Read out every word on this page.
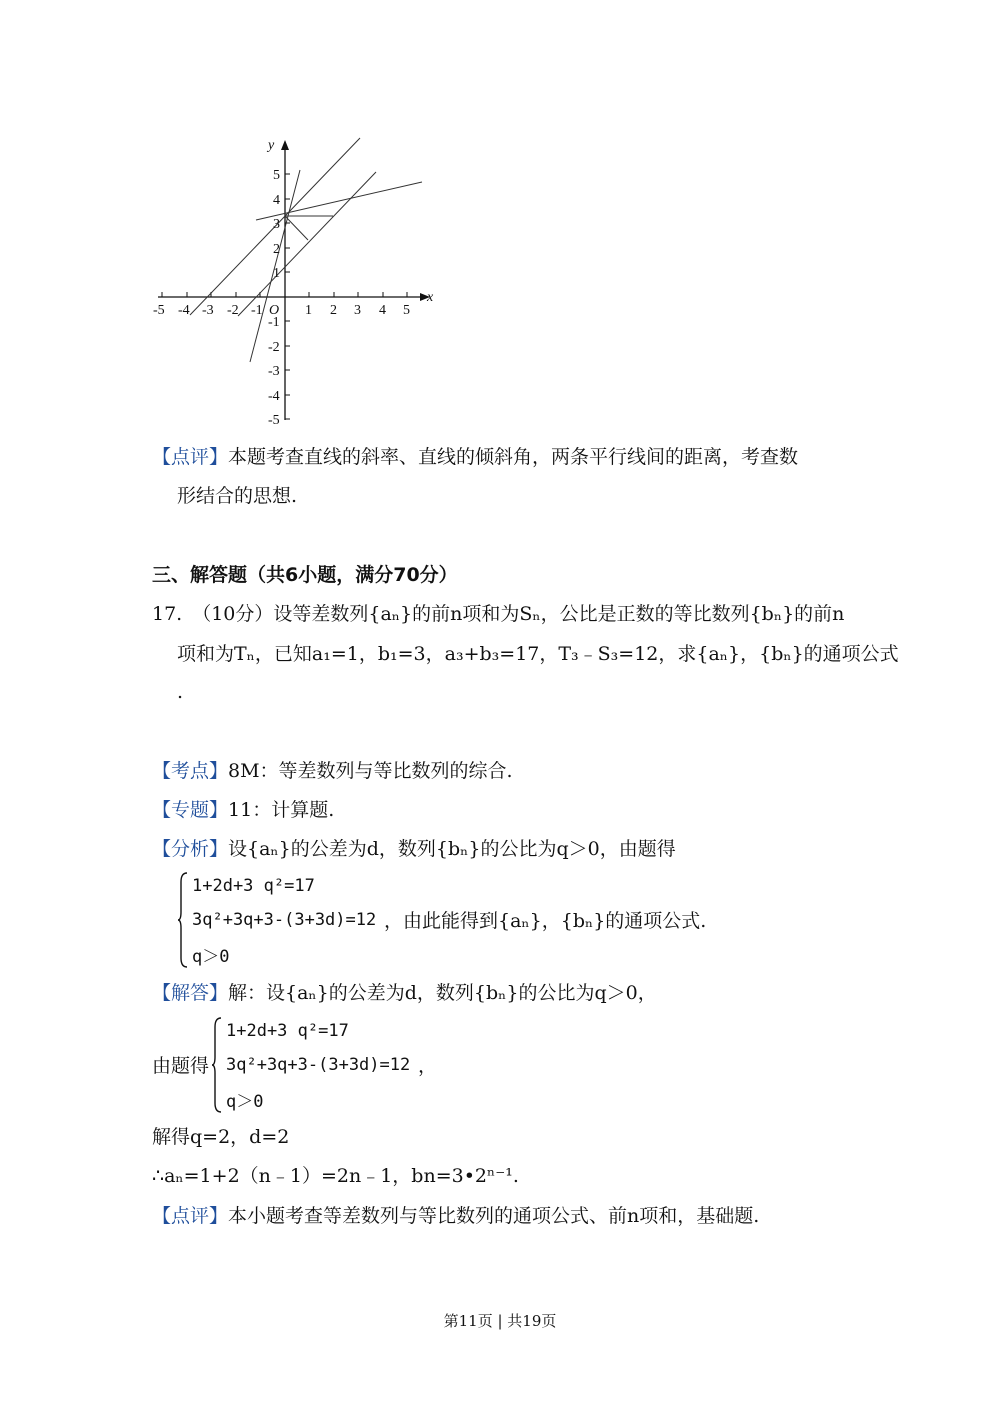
x
y
O
-5 -4 -3 -2 -1	1 2 3 4 5
5
4
3
2
1
-1
-2
-3
-4
-5
【点评】本题考查直线的斜率、直线的倾斜角，两条平行线间的距离，考查数
形结合的思想.
三、解答题（共6小题，满分70分）
17. （10分）设等差数列{aₙ}的前n项和为Sₙ，公比是正数的等比数列{bₙ}的前n
项和为Tₙ，已知a₁=1，b₁=3，a₃+b₃=17，T₃﹣S₃=12，求{aₙ}，{bₙ}的通项公式
.
【考点】8M：等差数列与等比数列的综合.
【专题】11：计算题.
【分析】设{aₙ}的公差为d，数列{bₙ}的公比为q＞0，由题得
1+2d+3 q²=17
3q²+3q+3-(3+3d)=12
q＞0
，由此能得到{aₙ}，{bₙ}的通项公式.
【解答】解：设{aₙ}的公差为d，数列{bₙ}的公比为q＞0，
由题得
1+2d+3 q²=17
3q²+3q+3-(3+3d)=12
q＞0
，
解得q=2，d=2
∴aₙ=1+2（n﹣1）=2n﹣1，bn=3•2ⁿ⁻¹.
【点评】本小题考查等差数列与等比数列的通项公式、前n项和，基础题.
第11页 | 共19页
